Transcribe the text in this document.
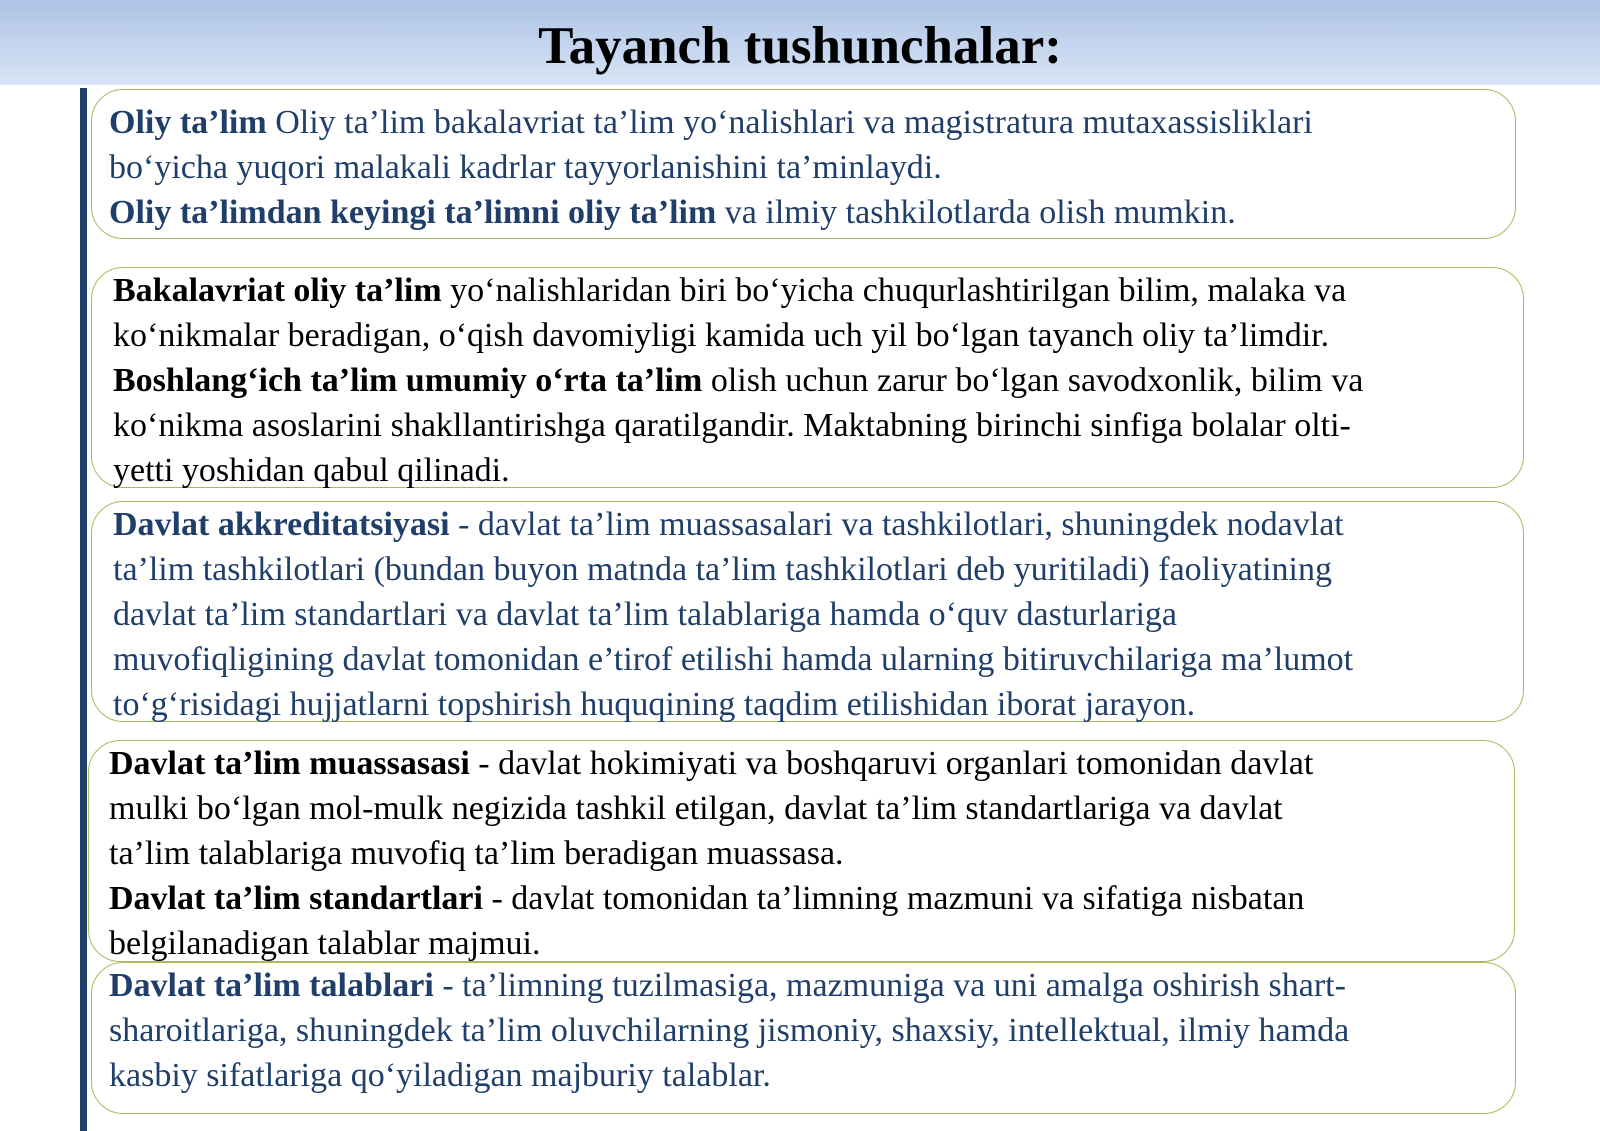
Tayanch tushunchalar:

Oliy ta’lim Oliy ta’lim bakalavriat ta’lim yo‘nalishlari va magistratura mutaxassisliklari

bo‘yicha yuqori malakali kadrlar tayyorlanishini ta’minlaydi.

Oliy ta’limdan keyingi ta’limni oliy ta’lim va ilmiy tashkilotlarda olish mumkin.

Bakalavriat oliy ta’lim yo‘nalishlaridan biri bo‘yicha chuqurlashtirilgan bilim, malaka va

ko‘nikmalar beradigan, o‘qish davomiyligi kamida uch yil bo‘lgan tayanch oliy ta’limdir.

Boshlang‘ich ta’lim umumiy o‘rta ta’lim olish uchun zarur bo‘lgan savodxonlik, bilim va

ko‘nikma asoslarini shakllantirishga qaratilgandir. Maktabning birinchi sinfiga bolalar olti-

yetti yoshidan qabul qilinadi.

Davlat akkreditatsiyasi - davlat ta’lim muassasalari va tashkilotlari, shuningdek nodavlat

ta’lim tashkilotlari (bundan buyon matnda ta’lim tashkilotlari deb yuritiladi) faoliyatining

davlat ta’lim standartlari va davlat ta’lim talablariga hamda o‘quv dasturlariga

muvofiqligining davlat tomonidan e’tirof etilishi hamda ularning bitiruvchilariga ma’lumot

to‘g‘risidagi hujjatlarni topshirish huquqining taqdim etilishidan iborat jarayon.

Davlat ta’lim muassasasi - davlat hokimiyati va boshqaruvi organlari tomonidan davlat

mulki bo‘lgan mol-mulk negizida tashkil etilgan, davlat ta’lim standartlariga va davlat

ta’lim talablariga muvofiq ta’lim beradigan muassasa.

Davlat ta’lim standartlari - davlat tomonidan ta’limning mazmuni va sifatiga nisbatan

belgilanadigan talablar majmui.

Davlat ta’lim talablari - ta’limning tuzilmasiga, mazmuniga va uni amalga oshirish shart-

sharoitlariga, shuningdek ta’lim oluvchilarning jismoniy, shaxsiy, intellektual, ilmiy hamda

kasbiy sifatlariga qo‘yiladigan majburiy talablar.
